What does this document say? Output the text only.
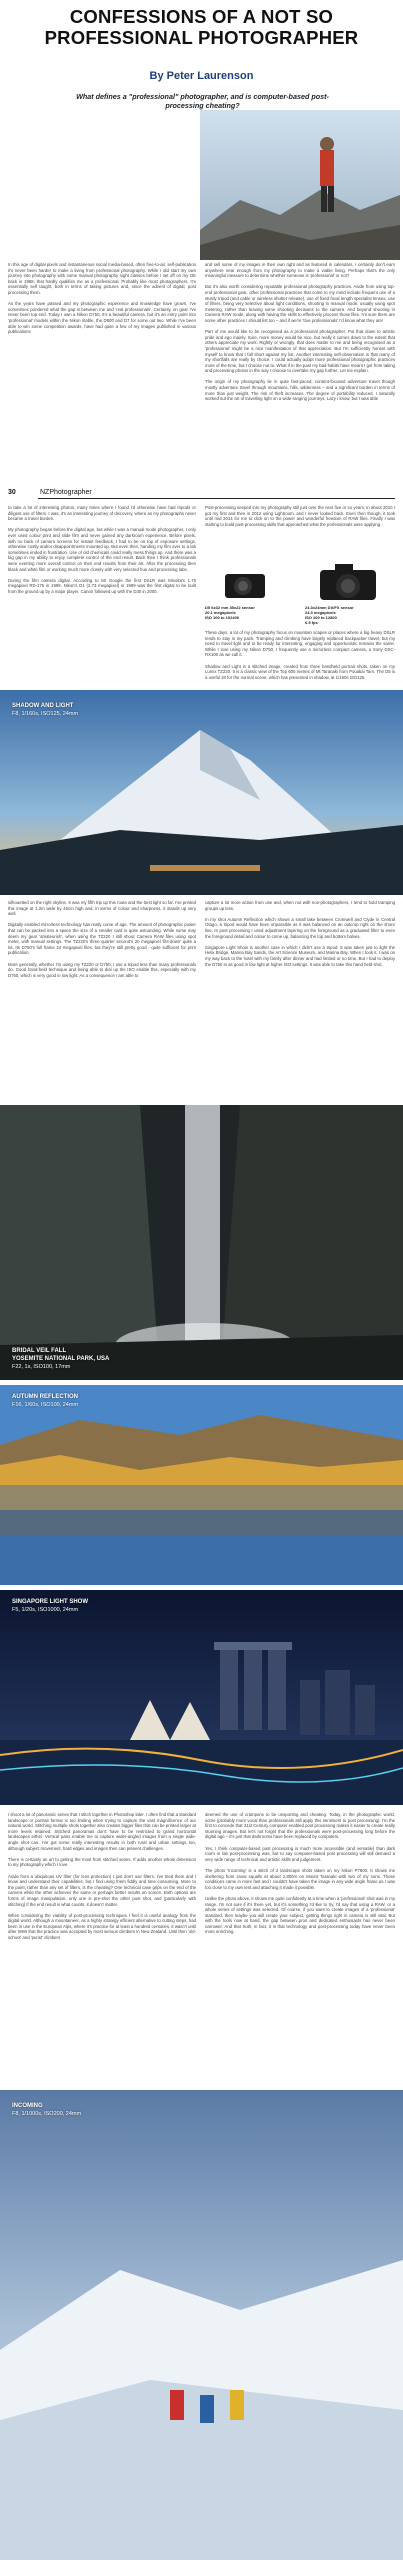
CONFESSIONS OF A NOT SO
PROFESSIONAL PHOTOGRAPHER
By Peter Laurenson
What defines a "professional" photographer, and is computer-based post-processing cheating?

In this age of digital pixels and instantaneous social media-based, often free-to-air, self-publication it's never been harder to make a living from professional photography. While I did start my own journey into photography with some manual photography night classes before I set off on my OE back in 1988, that hardly qualifies me as a professional. Probably like most photographers, I'm essentially self taught, both in terms of taking pictures and, since the advent of digital, post processing them.

As the years have passed and my photographic experience and knowledge have grown, I've sometimes pondered what the gap is between me and 'real professionals'. Certainly, on gear I've never been top end. Today I own a Nikon D750. It's a beautiful camera, but it's an entry point into 'professional' models within the Nikon stable, the D800 and D7 for some out two. While I've been able to win some competition awards, have had quite a few of my images published in various publications

and sell some of my images in their own right and as featured in calendars, I certainly don't earn anywhere near enough from my photography to make a viable living. Perhaps that's the only meaningful measure to determine whether someone is 'professional' or not?

But it's also worth considering reputable professional photography practices. Aside from using top-end professional gear, other professional practices that come to my mind include frequent use of a sturdy tripod (and cable or wireless shutter release), use of fixed focal length specialist lenses, use of filters, being very selective about light conditions, shooting in manual mode, usually using spot metering, rather than leaving some shooting decisions to the camera. And beyond shooting in Camera RAW mode, along with having the skills to effectively process those files. I'm sure there are some other practices I should list too – and if we're 'true professionals' I'd know what they are!

Part of me would like to be recognised as a professional photographer. Put that down to artistic pride and ego mainly. Sure, more money would be nice, but really it comes down to the extent that others appreciate my work. Rightly or wrongly, that does matter to me and being recognised as a 'professional' might be a nice manifestation of that appreciation. But I'm sufficiently honest with myself to know that I fall short against my list. Another interesting self-observation is that many of my shortfalls are really by choice. I could actually adopt more professional photographic practices more of the time, but I choose not to. What if in the past my bad habits have meant I got from taking and processing photos in the way I choose to overtake my gap further. Let me explain.

The origin of my photography lie in quite fast-paced, content-focused adventure travel though mostly adventure travel through mountains, hills, wilderness – and a significant burden in terms of more than just weight. The risk of theft increases. The degree of portability reduced. I naturally worked out the art of travelling light on a wide-ranging journeys, Lazy I know, but I was able

30	NZPhotographer

to take a lot of interesting photos, many times where I found I'd otherwise have had tripods or diligent use of filters. I was, it's an interesting journey of discovery, where as my photographs never became a travel burden.

My photography began before the digital age, but while I was a manual mode photographer, I only ever used colour print and slide film and never gained any darkroom experience. Before pixels, with no back of camera screens for instant feedback, I had to be on top of exposure settings, otherwise costly and/or disappointments mounted up. But even then, handing my film over to a lab sometimes ended in frustration. Use of old chemicals could really mess things up. And there was a big gap in my ability to enjoy complete control of the end result. Back then I think professionals were exerting more overall control on their end results from their art. After the processing then black and white film or working much more closely with very selected hue and processing labs.

During the film camera digital. According to Mr Google the first DSLR was Minolta's 1.75 megapixel RD-175 in 1995. Nikon's D1 (2.73 megapixel) in 1999 was the first digital to be built from the ground up by a major player. Canon followed up with the D30 in 2000.

Post-processing seeped into my photography still just over the next five or so years, in about 2010 I got my first and then in 2012 using Lightroom, and I never looked back. Even then though, it took until mid 2014 for me to click on to the power and wonderful freedom of RAW files. Finally I was starting to build post-processing skills that approached what the professionals were applying.

D5 6x32 mm 35x22 sensor
20.1 megapixels
ISO 100 to 102400
24.3x24mm DX/FX sensor
24.3 megapixels
ISO 100 to 12800
6.5 fps

These days, a lot of my photography focus on mountain scapes or places where a big heavy DSLR tends to stay in my pack. Tramping and climbing have largely replaced backpacker travel, but my need to travel light and to be ready for interesting, engaging and opportunistic remains the same. While I love using my Nikon D750, I frequently use a mirrorless compact camera, a Sony DSC-RX100 as we call it.

Shadow and Light is a stitched image, created from three handheld portrait shots, taken on my Lumix TZ220. It is a classic view of the Top 600 metres of Mt Taranaki from Pouakai Tarn. The D5 is a useful 20 for the normal scene, which has presented in shadow, at 1/160s ISO125.

SHADOW AND LIGHT
F8, 1/160s, ISO125, 24mm

silhouetted on the right skyline. It was my fifth trip up this route and the best light so far. I've printed this image at 1.2m wide by 45cm high and, in terms of colour and sharpness, it stands up very well.

Digitally enabled mirrorless technology has really come of age. The amount of photographic power that can be packed into a space the size of a smaller card is quite astounding. While some may deem my gear 'amateurish', when using the TZ220 I still shoot Camera RAW files using spot meter, with manual settings. The TZ220's three quarter second's 20 megapixel 'fits-down' quite a lot. Its D750's full frame 24 megapixel files, but they're still pretty good - quite sufficient for print publication.

More generally, whether I'm using my TZ220 or D750, I use a tripod less than many professionals do. Good hand-held technique and being able to dial up the ISO enable this, especially with my D750, which is very good in low light. As a consequence I am able to

capture a lot more action from use and, when not with non-photographers, I tend to hold tramping groups up less.

In my shot Autumn Reflection which shows a small lake between Cromwell and Clyde in Central Otago, a tripod would have been impossible as it was balanced on an outcrop right on the shore line. In post processing I used adjustment layering on the foreground as a graduated filter to even the foreground detail and colour to come up, balancing the top and bottom halves.

Singapore Light Show is another case in which I didn't use a tripod. It was taken just to light the Helix Bridge, Marina Bay Sands, the Art Science Museum, and Marina Bay. When I took it, I was on my way back to the hotel with my family after dinner and had limited or no time. But I had to deploy the D750 in as good in low light at higher ISO settings. It was able to take this hand held shot.

BRIDAL VEIL FALL
YOSEMITE NATIONAL PARK, USA
F22, 1s, ISO100, 17mm
AUTUMN REFLECTION
F16, 1/60s, ISO100, 24mm
SINGAPORE LIGHT SHOW
F5, 1/20s, ISO1000, 24mm

I shoot a lot of panoramic series that I stitch together in Photoshop later. I often find that a standard landscape or portrait format is too limiting when trying to capture the vast magnificence of our natural world. Stitching multiple shots together also creates bigger files that can be printed larger at more levels retained. Stitched panoramas don't have to be restricted to grand horizontal landscapes either. Vertical pans enable me to capture wider-angled images from a single wide-angle shot can. I've got some really interesting results in both rural and urban settings too, although subject movement, hard edges and images then can present challenges.

There is certainly an art to getting the most from stitched series. If adds another whole dimension to my photography which I love.

Aside from a ubiquitous UV filter (for lens protection) I just don't use filters. I've tried them and I know and understand their capabilities, but I find using them fiddly and time consuming. More to the point, rather than any set of filters, is the cheating? One technical case grips on the end of the camera while the other achieves the same or perhaps better results on screen. Both options are forms of image manipulation, only one is pre-shot the other post shot, and (particularly with stitching) if the end result is what counts, it doesn't matter.

When considering the viability of post-processing techniques I feel it is useful analogy from the digital world. Although a mountaineer, as a highly strategy efficient alternative to cutting steps, had been in use in the European Alps, where it's practice for at least a hundred centuries, it wasn't until after WWI that the practice was accepted by most serious climbers in New Zealand. Until then 'old-school' and 'purist' climbers

deemed the use of crampons to be unsporting and cheating. Today, in the photographic world, some (probably more vocal than professionals still apply this sentiment to post processing). I'm the first to concede that 21st Century computer enabled post processing makes it easier to create really stunning images. But let's not forget that the professionals were post-processing long before the digital age – it's just that darkrooms have been replaced by computers.

Yes, I think computer-based post processing is much more accessible (and versatile) than dark room or lab post-processing was, but to say computer-based post processing will still demand a very wide range of technical and artistic skills and judgement.

The photo 'Incoming' is a stitch of 2 landscape shots taken on my Nikon P7800. It shows me sheltering from snow squalls at about 2,800m on Mount Taranaki with two of my sons. Those conditions came in more fast and I couldn't have taken the image in any wide angle frame as I was too close to my own tent and attaching it made it possible.

Unlike the photo above, it shows me quite confidently at a time when a 'professional' shot was in my range. I'm not sure if it's there yet, but it's something I'd like to try. I'd say that using a RAW, or a whole series of settings was selected. Of course, if you want to create images of a 'professional' standard, then maybe you will create your subject, getting things right in camera is still vital. But with the tools now at hand, the gap between pros and dedicated enthusiasts has never been narrower. And that truth, in fact, it is that technology and post-processing today have never been more enriching.

INCOMING
F8, 1/1000s, ISO200, 24mm
